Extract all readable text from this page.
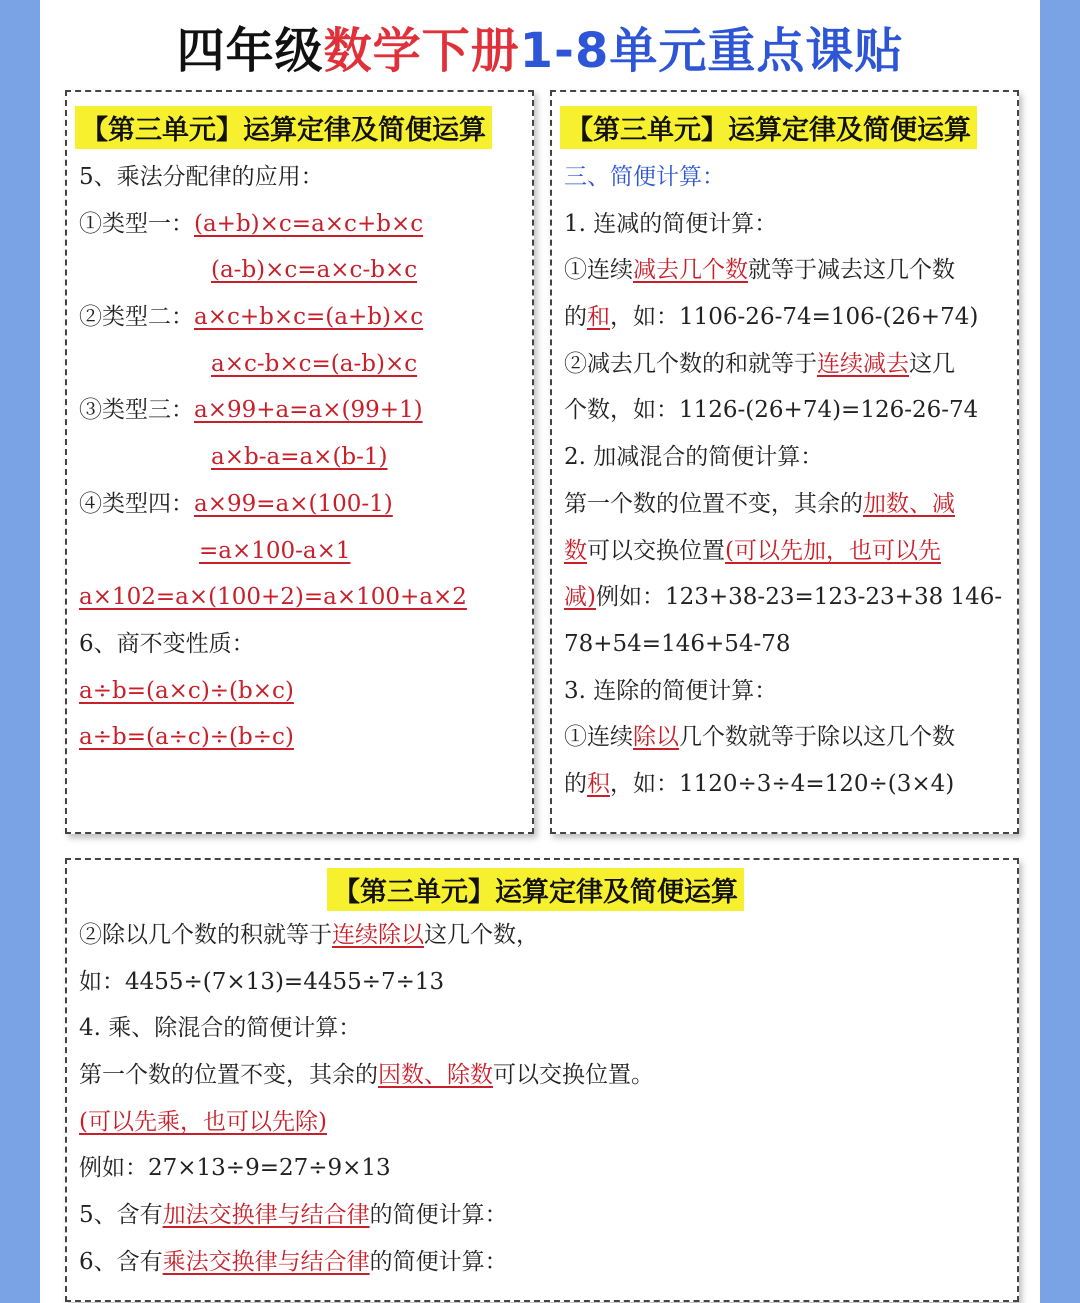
四年级数学下册1-8单元重点课贴
【第三单元】运算定律及简便运算
5、乘法分配律的应用：
①类型一：(a+b)×c=a×c+b×c
(a-b)×c=a×c-b×c
②类型二：a×c+b×c=(a+b)×c
a×c-b×c=(a-b)×c
③类型三：a×99+a=a×(99+1)
a×b-a=a×(b-1)
④类型四：a×99=a×(100-1)
=a×100-a×1
a×102=a×(100+2)=a×100+a×2
6、商不变性质：
a÷b=(a×c)÷(b×c)
a÷b=(a÷c)÷(b÷c)
【第三单元】运算定律及简便运算
三、简便计算：
1. 连减的简便计算：
①连续减去几个数就等于减去这几个数
的和，如：1106-26-74=106-(26+74)
②减去几个数的和就等于连续减去这几
个数，如：1126-(26+74)=126-26-74
2. 加减混合的简便计算：
第一个数的位置不变，其余的加数、减
数可以交换位置(可以先加，也可以先
减)例如：123+38-23=123-23+38 146-
78+54=146+54-78
3. 连除的简便计算：
①连续除以几个数就等于除以这几个数
的积，如：1120÷3÷4=120÷(3×4)
【第三单元】运算定律及简便运算
②除以几个数的积就等于连续除以这几个数，
如：4455÷(7×13)=4455÷7÷13
4. 乘、除混合的简便计算：
第一个数的位置不变，其余的因数、除数可以交换位置。
(可以先乘，也可以先除)
例如：27×13÷9=27÷9×13
5、含有加法交换律与结合律的简便计算：
6、含有乘法交换律与结合律的简便计算：
